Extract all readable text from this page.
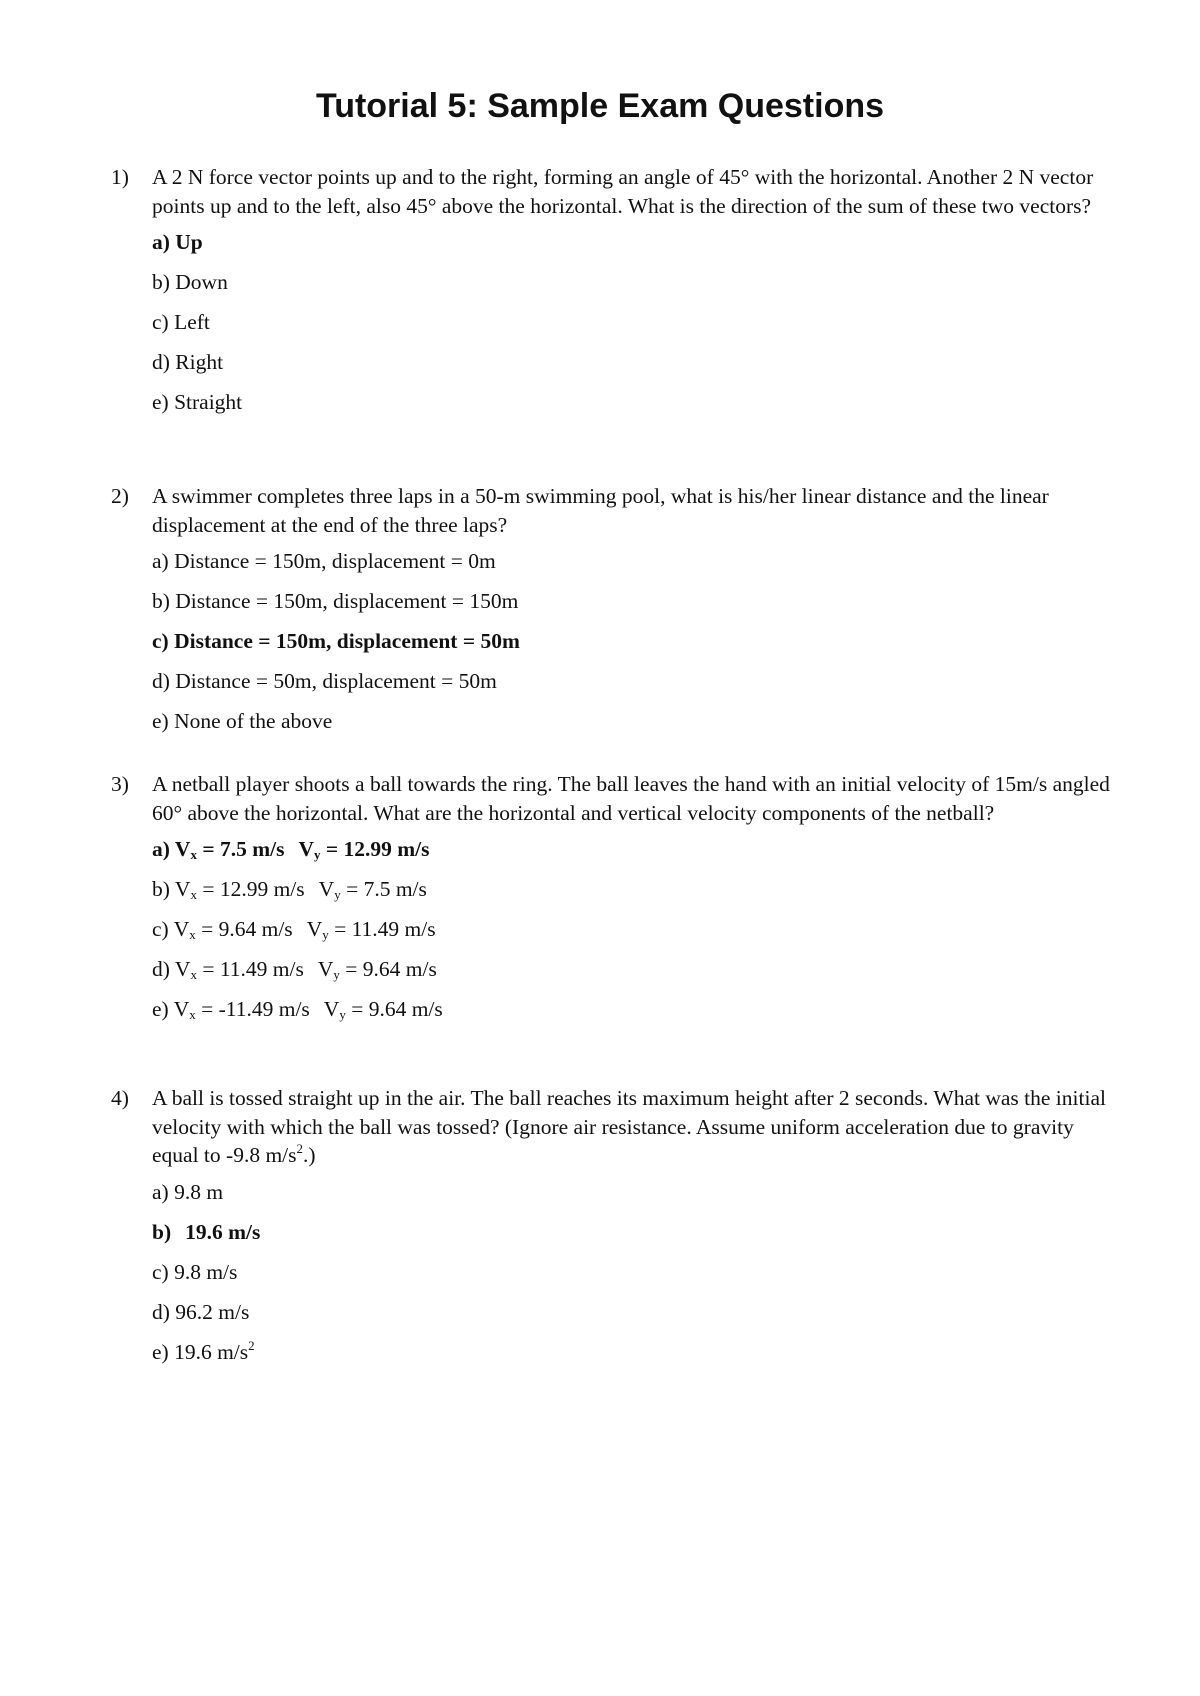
Tutorial 5: Sample Exam Questions
1) A 2 N force vector points up and to the right, forming an angle of 45° with the horizontal. Another 2 N vector points up and to the left, also 45° above the horizontal. What is the direction of the sum of these two vectors?
a) Up
b) Down
c) Left
d) Right
e) Straight
2) A swimmer completes three laps in a 50-m swimming pool, what is his/her linear distance and the linear displacement at the end of the three laps?
a) Distance = 150m, displacement = 0m
b) Distance = 150m, displacement = 150m
c) Distance = 150m, displacement = 50m
d) Distance = 50m, displacement = 50m
e) None of the above
3) A netball player shoots a ball towards the ring. The ball leaves the hand with an initial velocity of 15m/s angled 60° above the horizontal. What are the horizontal and vertical velocity components of the netball?
a) $V_x = 7.5$ m/s $V_y = 12.99$ m/s
b) $V_x = 12.99$ m/s $V_y = 7.5$ m/s
c) $V_x = 9.64$ m/s $V_y = 11.49$ m/s
d) $V_x = 11.49$ m/s $V_y = 9.64$ m/s
e) $V_x = -11.49$ m/s $V_y = 9.64$ m/s
4) A ball is tossed straight up in the air. The ball reaches its maximum height after 2 seconds. What was the initial velocity with which the ball was tossed? (Ignore air resistance. Assume uniform acceleration due to gravity equal to -9.8 $m/s^2$.)
a) 9.8 m
b) 19.6 m/s
c) 9.8 m/s
d) 96.2 m/s
e) 19.6 $m/s^2$
